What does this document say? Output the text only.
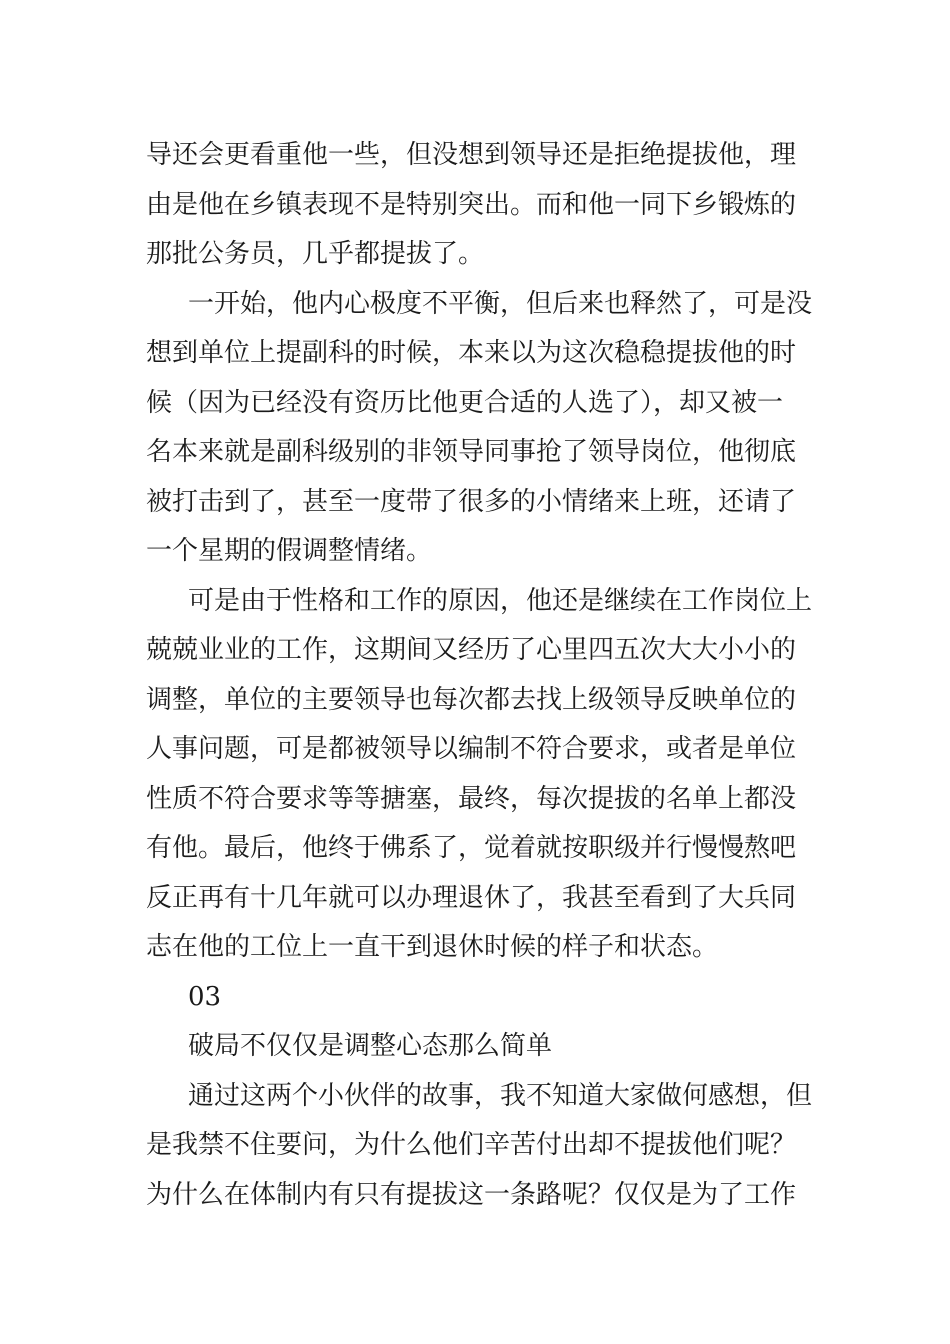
导还会更看重他一些，但没想到领导还是拒绝提拔他，理
由是他在乡镇表现不是特别突出。而和他一同下乡锻炼的
那批公务员，几乎都提拔了。
一开始，他内心极度不平衡，但后来也释然了，可是没
想到单位上提副科的时候，本来以为这次稳稳提拔他的时
候（因为已经没有资历比他更合适的人选了），却又被一
名本来就是副科级别的非领导同事抢了领导岗位，他彻底
被打击到了，甚至一度带了很多的小情绪来上班，还请了
一个星期的假调整情绪。
可是由于性格和工作的原因，他还是继续在工作岗位上
兢兢业业的工作，这期间又经历了心里四五次大大小小的
调整，单位的主要领导也每次都去找上级领导反映单位的
人事问题，可是都被领导以编制不符合要求，或者是单位
性质不符合要求等等搪塞，最终，每次提拔的名单上都没
有他。最后，他终于佛系了，觉着就按职级并行慢慢熬吧
反正再有十几年就可以办理退休了，我甚至看到了大兵同
志在他的工位上一直干到退休时候的样子和状态。
03
破局不仅仅是调整心态那么简单
通过这两个小伙伴的故事，我不知道大家做何感想，但
是我禁不住要问，为什么他们辛苦付出却不提拔他们呢？
为什么在体制内有只有提拔这一条路呢？仅仅是为了工作
